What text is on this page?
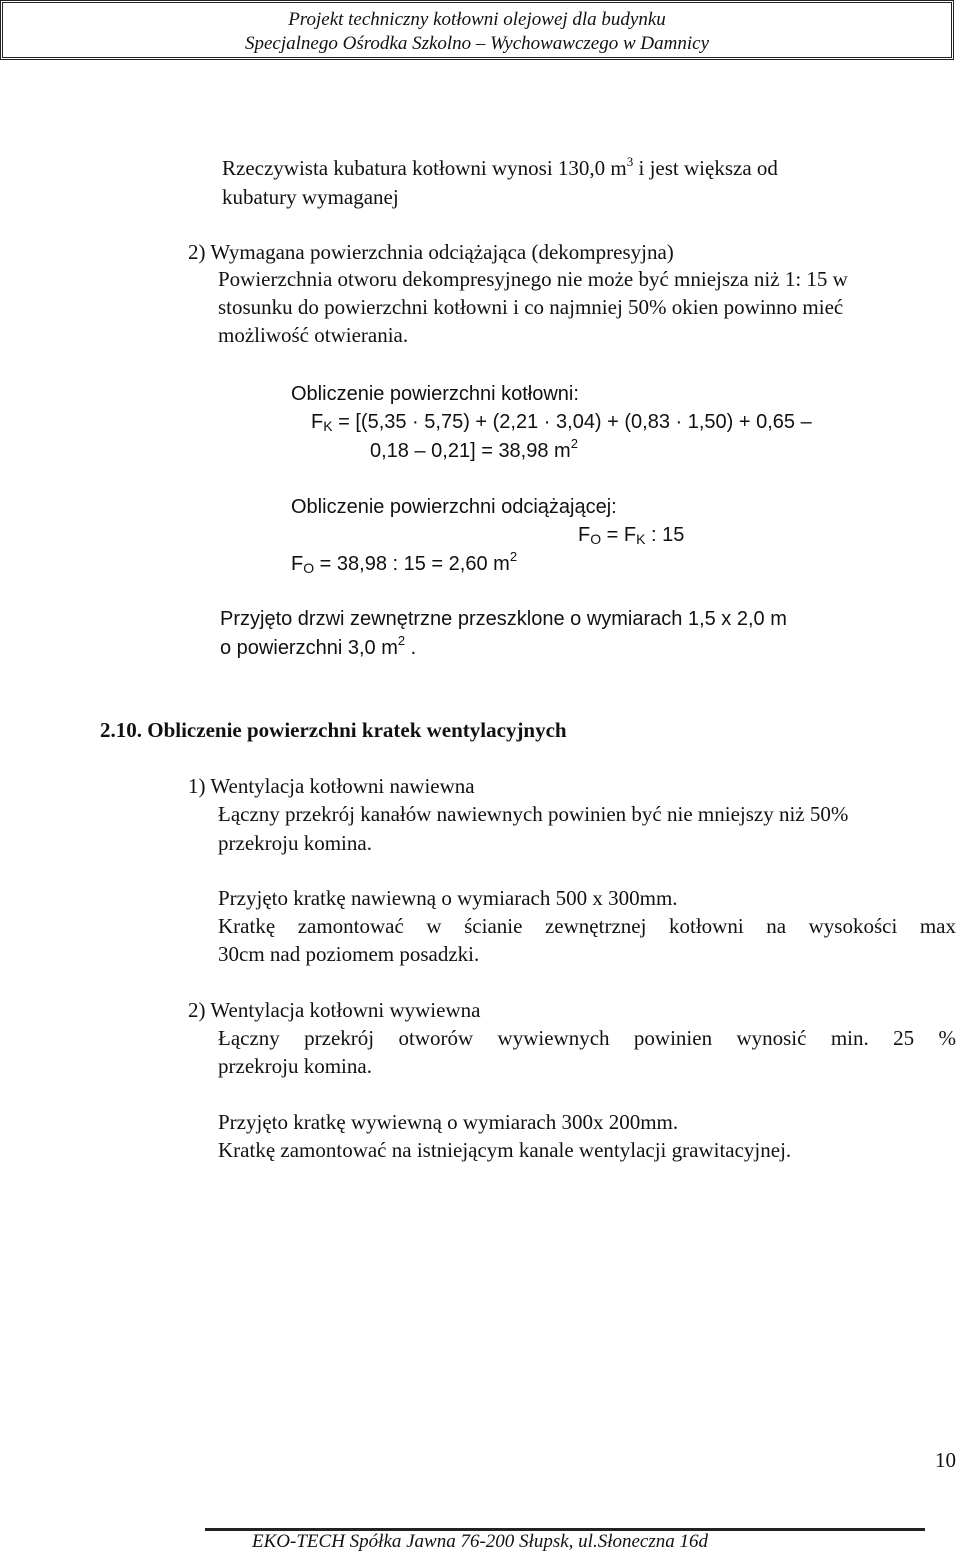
Projekt techniczny kotłowni olejowej dla budynku
Specjalnego Ośrodka Szkolno – Wychowawczego w Damnicy
Rzeczywista kubatura kotłowni wynosi 130,0 $m^3$ i jest większa od
kubatury wymaganej
2) Wymagana powierzchnia odciążająca (dekompresyjna)
Powierzchnia otworu dekompresyjnego nie może być mniejsza niż 1: 15 w
stosunku do powierzchni kotłowni i co najmniej 50% okien powinno mieć
możliwość otwierania.
Obliczenie powierzchni kotłowni:
$F_K = [(5,35 \cdot 5,75) + (2,21 \cdot 3,04) + (0,83 \cdot 1,50) + 0,65$ –
0,18 – 0,21] = 38,98 $m^2$
Obliczenie powierzchni odciążającej:
$F_O = F_K$ : 15
$F_O = 38,98$ : 15 = 2,60 $m^2$
Przyjęto drzwi zewnętrzne przeszklone o wymiarach 1,5 x 2,0 m
o powierzchni 3,0 $m^2$ .
2.10. Obliczenie powierzchni kratek wentylacyjnych
1) Wentylacja kotłowni nawiewna
Łączny przekrój kanałów nawiewnych powinien być nie mniejszy niż 50%
przekroju komina.
Przyjęto kratkę nawiewną o wymiarach 500 x 300mm.
Kratkę zamontować w ścianie zewnętrznej kotłowni na wysokości max
30cm nad poziomem posadzki.
2) Wentylacja kotłowni wywiewna
Łączny przekrój otworów wywiewnych powinien wynosić min. 25 %
przekroju komina.
Przyjęto kratkę wywiewną o wymiarach 300x 200mm.
Kratkę zamontować na istniejącym kanale wentylacji grawitacyjnej.
10
EKO-TECH Spółka Jawna 76-200 Słupsk, ul.Słoneczna 16d
